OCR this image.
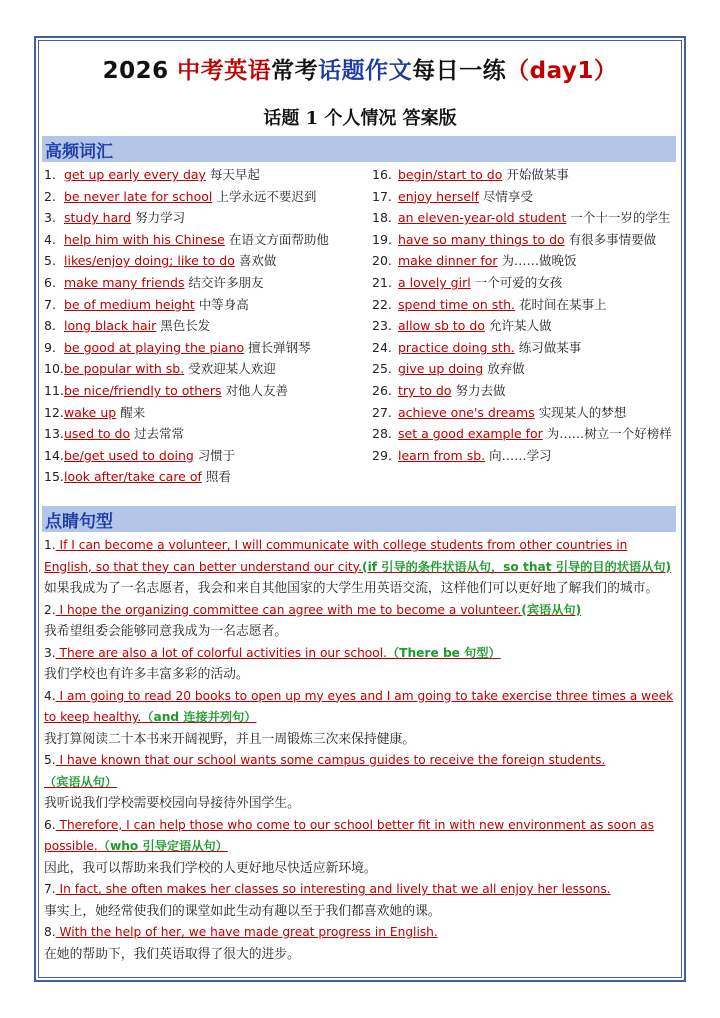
2026 中考英语常考话题作文每日一练（day1）
话题 1 个人情况 答案版
高频词汇
1. get up early every day 每天早起
2. be never late for school 上学永远不要迟到
3. study hard 努力学习
4. help him with his Chinese 在语文方面帮助他
5. likes/enjoy doing; like to do 喜欢做
6. make many friends 结交许多朋友
7. be of medium height 中等身高
8. long black hair 黑色长发
9. be good at playing the piano 擅长弹钢琴
10.be popular with sb. 受欢迎某人欢迎
11.be nice/friendly to others 对他人友善
12.wake up 醒来
13.used to do 过去常常
14.be/get used to doing 习惯于
15.look after/take care of 照看
16. begin/start to do 开始做某事
17. enjoy herself 尽情享受
18. an eleven-year-old student 一个十一岁的学生
19. have so many things to do 有很多事情要做
20. make dinner for 为……做晚饭
21. a lovely girl 一个可爱的女孩
22. spend time on sth. 花时间在某事上
23. allow sb to do 允许某人做
24. practice doing sth. 练习做某事
25. give up doing 放弃做
26. try to do 努力去做
27. achieve one's dreams 实现某人的梦想
28. set a good example for 为……树立一个好榜样
29. learn from sb. 向……学习
点睛句型
1. If I can become a volunteer, I will communicate with college students from other countries in English, so that they can better understand our city.(if 引导的条件状语从句，so that 引导的目的状语从句)
如果我成为了一名志愿者，我会和来自其他国家的大学生用英语交流，这样他们可以更好地了解我们的城市。
2. I hope the organizing committee can agree with me to become a volunteer.(宾语从句)
我希望组委会能够同意我成为一名志愿者。
3. There are also a lot of colorful activities in our school.（There be 句型）
我们学校也有许多丰富多彩的活动。
4. I am going to read 20 books to open up my eyes and I am going to take exercise three times a week to keep healthy.（and 连接并列句）
我打算阅读二十本书来开阔视野，并且一周锻炼三次来保持健康。
5. I have known that our school wants some campus guides to receive the foreign students.（宾语从句）
我听说我们学校需要校园向导接待外国学生。
6. Therefore, I can help those who come to our school better fit in with new environment as soon as possible.（who 引导定语从句）
因此，我可以帮助来我们学校的人更好地尽快适应新环境。
7. In fact, she often makes her classes so interesting and lively that we all enjoy her lessons.
事实上，她经常使我们的课堂如此生动有趣以至于我们都喜欢她的课。
8. With the help of her, we have made great progress in English.
在她的帮助下，我们英语取得了很大的进步。
